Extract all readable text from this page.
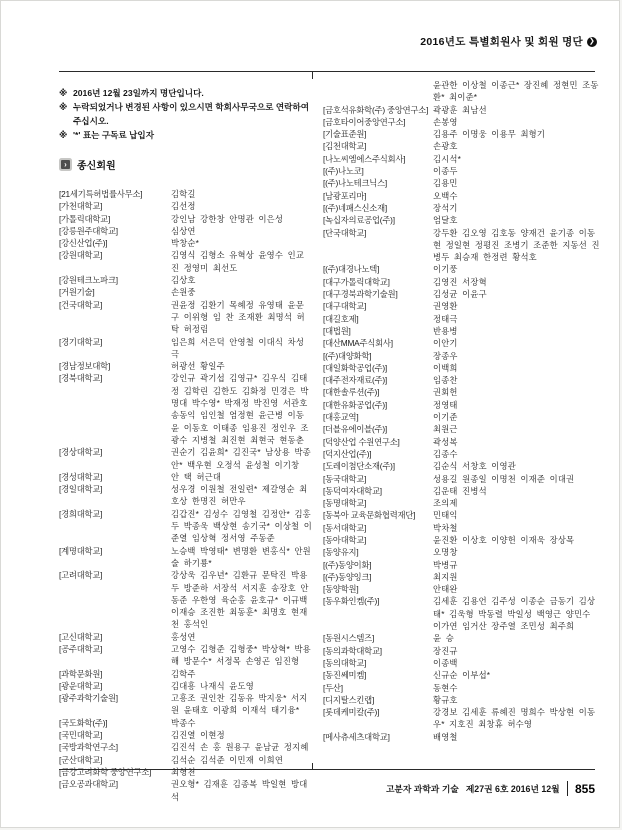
2016년도 특별회원사 및 회원 명단 ❯
※ 2016년 12월 23일까지 명단입니다.
※ 누락되었거나 변경된 사항이 있으시면 학회사무국으로 연락하여 주십시오.
※ '*' 표는 구독료 납입자
›	종신회원
[21세기특허법률사무소]	김학길
[가천대학교]	김선정
[가톨릭대학교]	강인남 강한창 안명관 이은성
[강릉원주대학교]	심상연
[강신산업(주)]	박창순*
[강원대학교]	김영식 김형소 유혁상 윤영수 인교진 정영미 최선도
[강원테크노파크]	김상호
[거원기술]	손원중
[건국대학교]	권윤정 김환기 목혜정 유영태 윤문구 이위형 임 찬 조재환 최명석 허 탁 허정림
[경기대학교]	임은희 서은덕 안영철 이대식 차성극
[경남정보대학]	허광선 황일주
[경북대학교]	강인규 곽기섭 김영규* 김우식 김태정 김학린 김한도 김화정 민경은 박명대 박수영* 박재정 박진영 서관호 송동익 임인철 엄정현 윤근병 이동윤 이동호 이태종 임용진 정인우 조광수 지병철 최진현 최현국 현동춘
[경상대학교]	권순기 김윤희* 김진국* 남상용 박종안* 백우현 오정석 윤성철 이기창
[경성대학교]	안 택 허근대
[경일대학교]	성우경 이원철 전일련* 제갈영순 최호상 한명진 허만우
[경희대학교]	김갑진* 김성수 김영철 김정안* 김홍두 박종욱 백상현 송기국* 이상철 이준열 임상혁 정서영 주동준
[계명대학교]	노승백 박영태* 변명환 변홍식* 안원술 하기룡*
[고려대학교]	강상욱 김우년* 김환규 문탁진 박용두 방준하 서장석 서지훈 송장호 안동준 우한영 육순홍 윤호규* 이규백 이재승 조진한 최동훈* 최명호 현재천 홍석인
[고신대학교]	홍성연
[공주대학교]	고영수 김형준 김형중* 박상혁* 박용해 방문수* 서정목 손영곤 임진형
[과학문화원]	김학주
[광운대학교]	김대흥 나재식 윤도영
[광주과학기술원]	고흥조 권인찬 김동유 박지웅* 서지원 윤태호 이광희 이재석 태기융*
[국도화학(주)]	박종수
[국민대학교]	김진열 이현정
[국방과학연구소]	김진석 손 홍 원용구 윤남균 정지혜
[군산대학교]	김석순 김석준 이민재 이희연
[금강고려화학 중앙연구소]	최형천
[금오공과대학교]	권오형* 김재훈 김종복 박일현 방대석
윤관한 이상철 이종근* 장진혜 정현민 조동환* 최이준*
[금호석유화학(주) 중앙연구소] 곽광훈 최남선
[금호타이어중앙연구소]	손봉영
[기술표준원]	김용주 이명웅 이용무 최형기
[김천대학교]	손광호
[나노씨엠에스주식회사]	김시석*
[(주)나노코]	이종두
[(주)나노테크닉스]	김용민
[남광포리마]	오백수
[(주)네패스신소재]	장석기
[녹십자의료공업(주)]	엄달호
[단국대학교]	강두환 김오영 김호동 양재건 윤기종 이동현 정일현 정평진 조병기 조준한 지동선 진병두 최승재 한정련 황석호
[(주)대경나노텍]	이기풍
[대구가톨릭대학교]	김영진 서장혁
[대구경북과학기술원]	김성균 이윤구
[대구대학교]	권영환
[대길호제]	정태극
[대법원]	반용병
[대산MMA주식회사]	이안기
[(주)대양화학]	장종우
[대일화학공업(주)]	이백희
[대주전자재료(주)]	임종찬
[대한솔루션(주)]	권회헌
[대한유화공업(주)]	정영태
[대홍교역]	이기준
[더블유에이블(주)]	최원근
[덕양산업 수원연구소]	곽성복
[덕지산업(주)]	김종수
[도레이첨단소재(주)]	김순식 서창호 이영관
[동국대학교]	성용길 원종일 이명천 이재준 이대권
[동덕여자대학교]	김운태 진병석
[동명대학교]	조의제
[동북아 교육문화협력재단]	민태익
[동서대학교]	박차철
[동아대학교]	윤진환 이상호 이양헌 이재욱 장상목
[동양유지]	오명창
[(주)동양이화]	박병규
[(주)동양잉크]	최지원
[동양학원]	안태완
[동우화인켐(주)]	김세훈 김용언 김주성 이종순 금동기 김상태* 김욱형 박동렬 박일성 백영근 양민수 이가연 임거산 장주열 조민성 최주희
[동원시스템즈]	윤 승
[동의과학대학교]	장진규
[동의대학교]	이종백
[동진쎄미켐]	신규순 이부섭*
[두산]	동현수
[디지탈스킨랩]	황규호
[롯데케미칼(주)]	강경보 김세훈 류혜진 명희수 박상현 이동우* 지호진 최창휴 허수영
[메사츄세츠대학교]	배영철
고분자 과학과 기술 제27권 6호 2016년 12월 855
